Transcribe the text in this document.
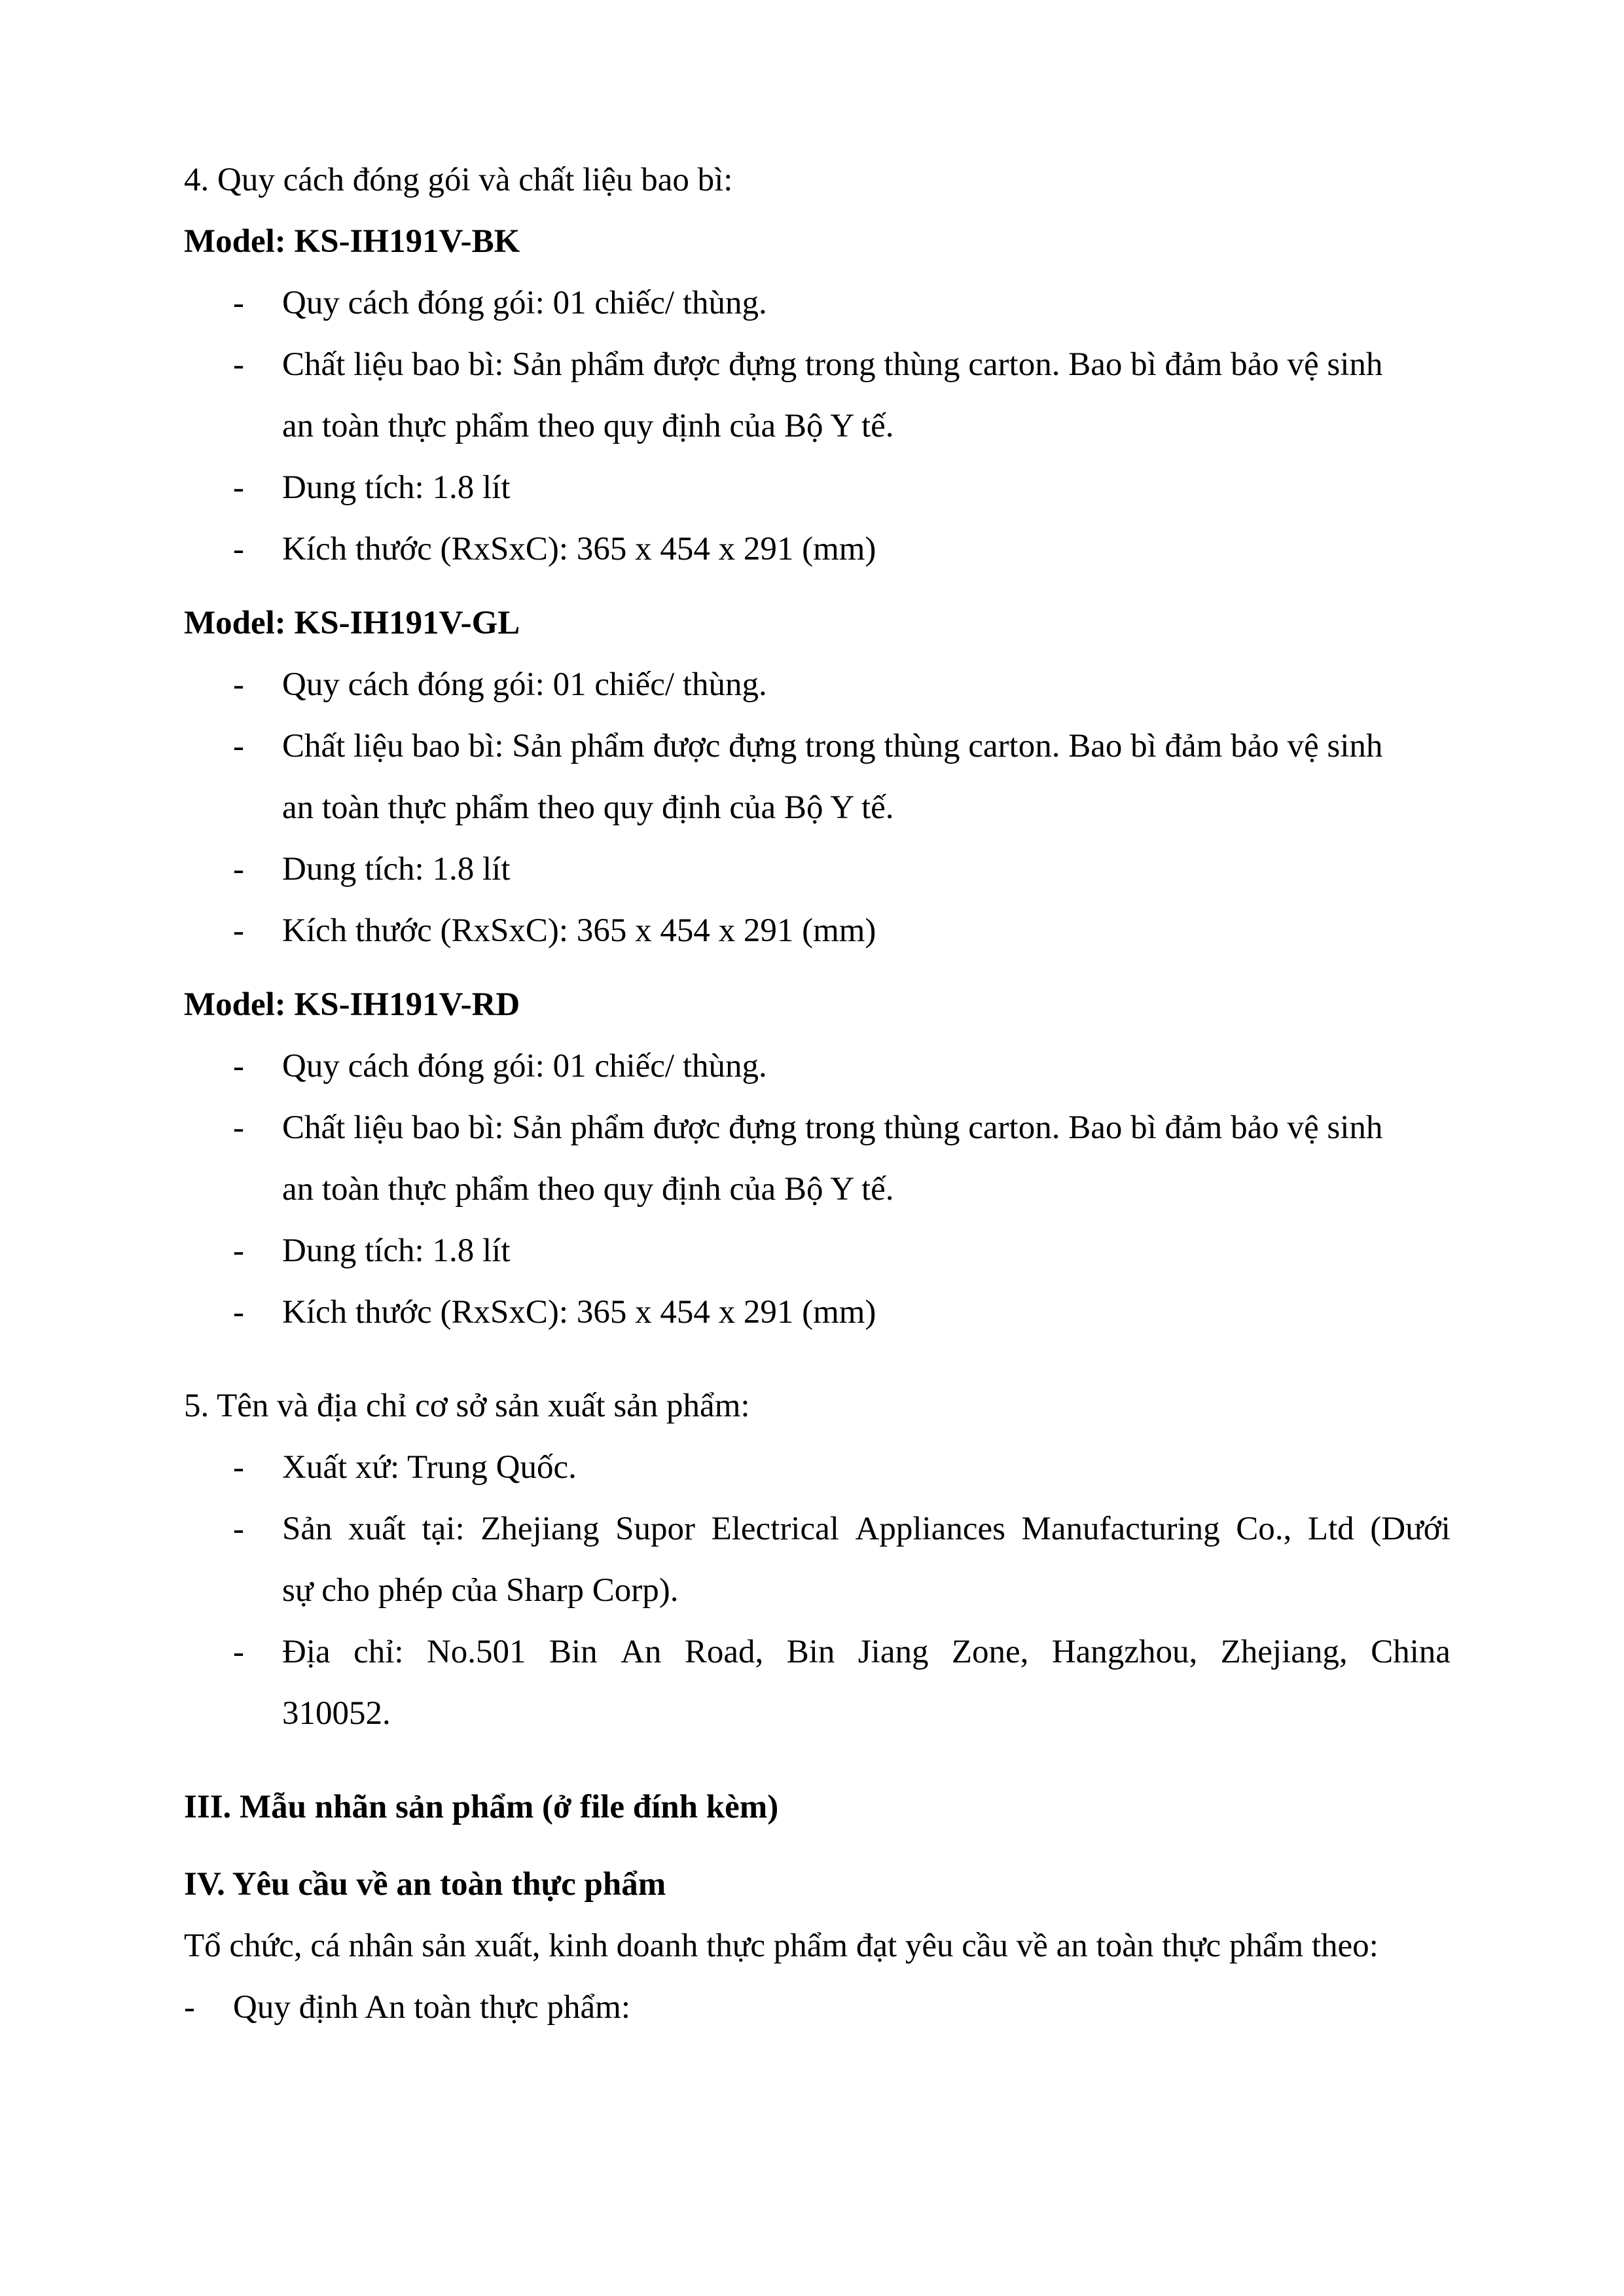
4. Quy cách đóng gói và chất liệu bao bì:
Model: KS-IH191V-BK
- Quy cách đóng gói: 01 chiếc/ thùng.
- Chất liệu bao bì: Sản phẩm được đựng trong thùng carton. Bao bì đảm bảo vệ sinh
an toàn thực phẩm theo quy định của Bộ Y tế.
- Dung tích: 1.8 lít
- Kích thước (RxSxC): 365 x 454 x 291 (mm)
Model: KS-IH191V-GL
- Quy cách đóng gói: 01 chiếc/ thùng.
- Chất liệu bao bì: Sản phẩm được đựng trong thùng carton. Bao bì đảm bảo vệ sinh
an toàn thực phẩm theo quy định của Bộ Y tế.
- Dung tích: 1.8 lít
- Kích thước (RxSxC): 365 x 454 x 291 (mm)
Model: KS-IH191V-RD
- Quy cách đóng gói: 01 chiếc/ thùng.
- Chất liệu bao bì: Sản phẩm được đựng trong thùng carton. Bao bì đảm bảo vệ sinh
an toàn thực phẩm theo quy định của Bộ Y tế.
- Dung tích: 1.8 lít
- Kích thước (RxSxC): 365 x 454 x 291 (mm)
5. Tên và địa chỉ cơ sở sản xuất sản phẩm:
- Xuất xứ: Trung Quốc.
- Sản xuất tại: Zhejiang Supor Electrical Appliances Manufacturing Co., Ltd (Dưới
sự cho phép của Sharp Corp).
- Địa chỉ: No.501 Bin An Road, Bin Jiang Zone, Hangzhou, Zhejiang, China
310052.
III. Mẫu nhãn sản phẩm (ở file đính kèm)
IV. Yêu cầu về an toàn thực phẩm
Tổ chức, cá nhân sản xuất, kinh doanh thực phẩm đạt yêu cầu về an toàn thực phẩm theo:
- Quy định An toàn thực phẩm:
